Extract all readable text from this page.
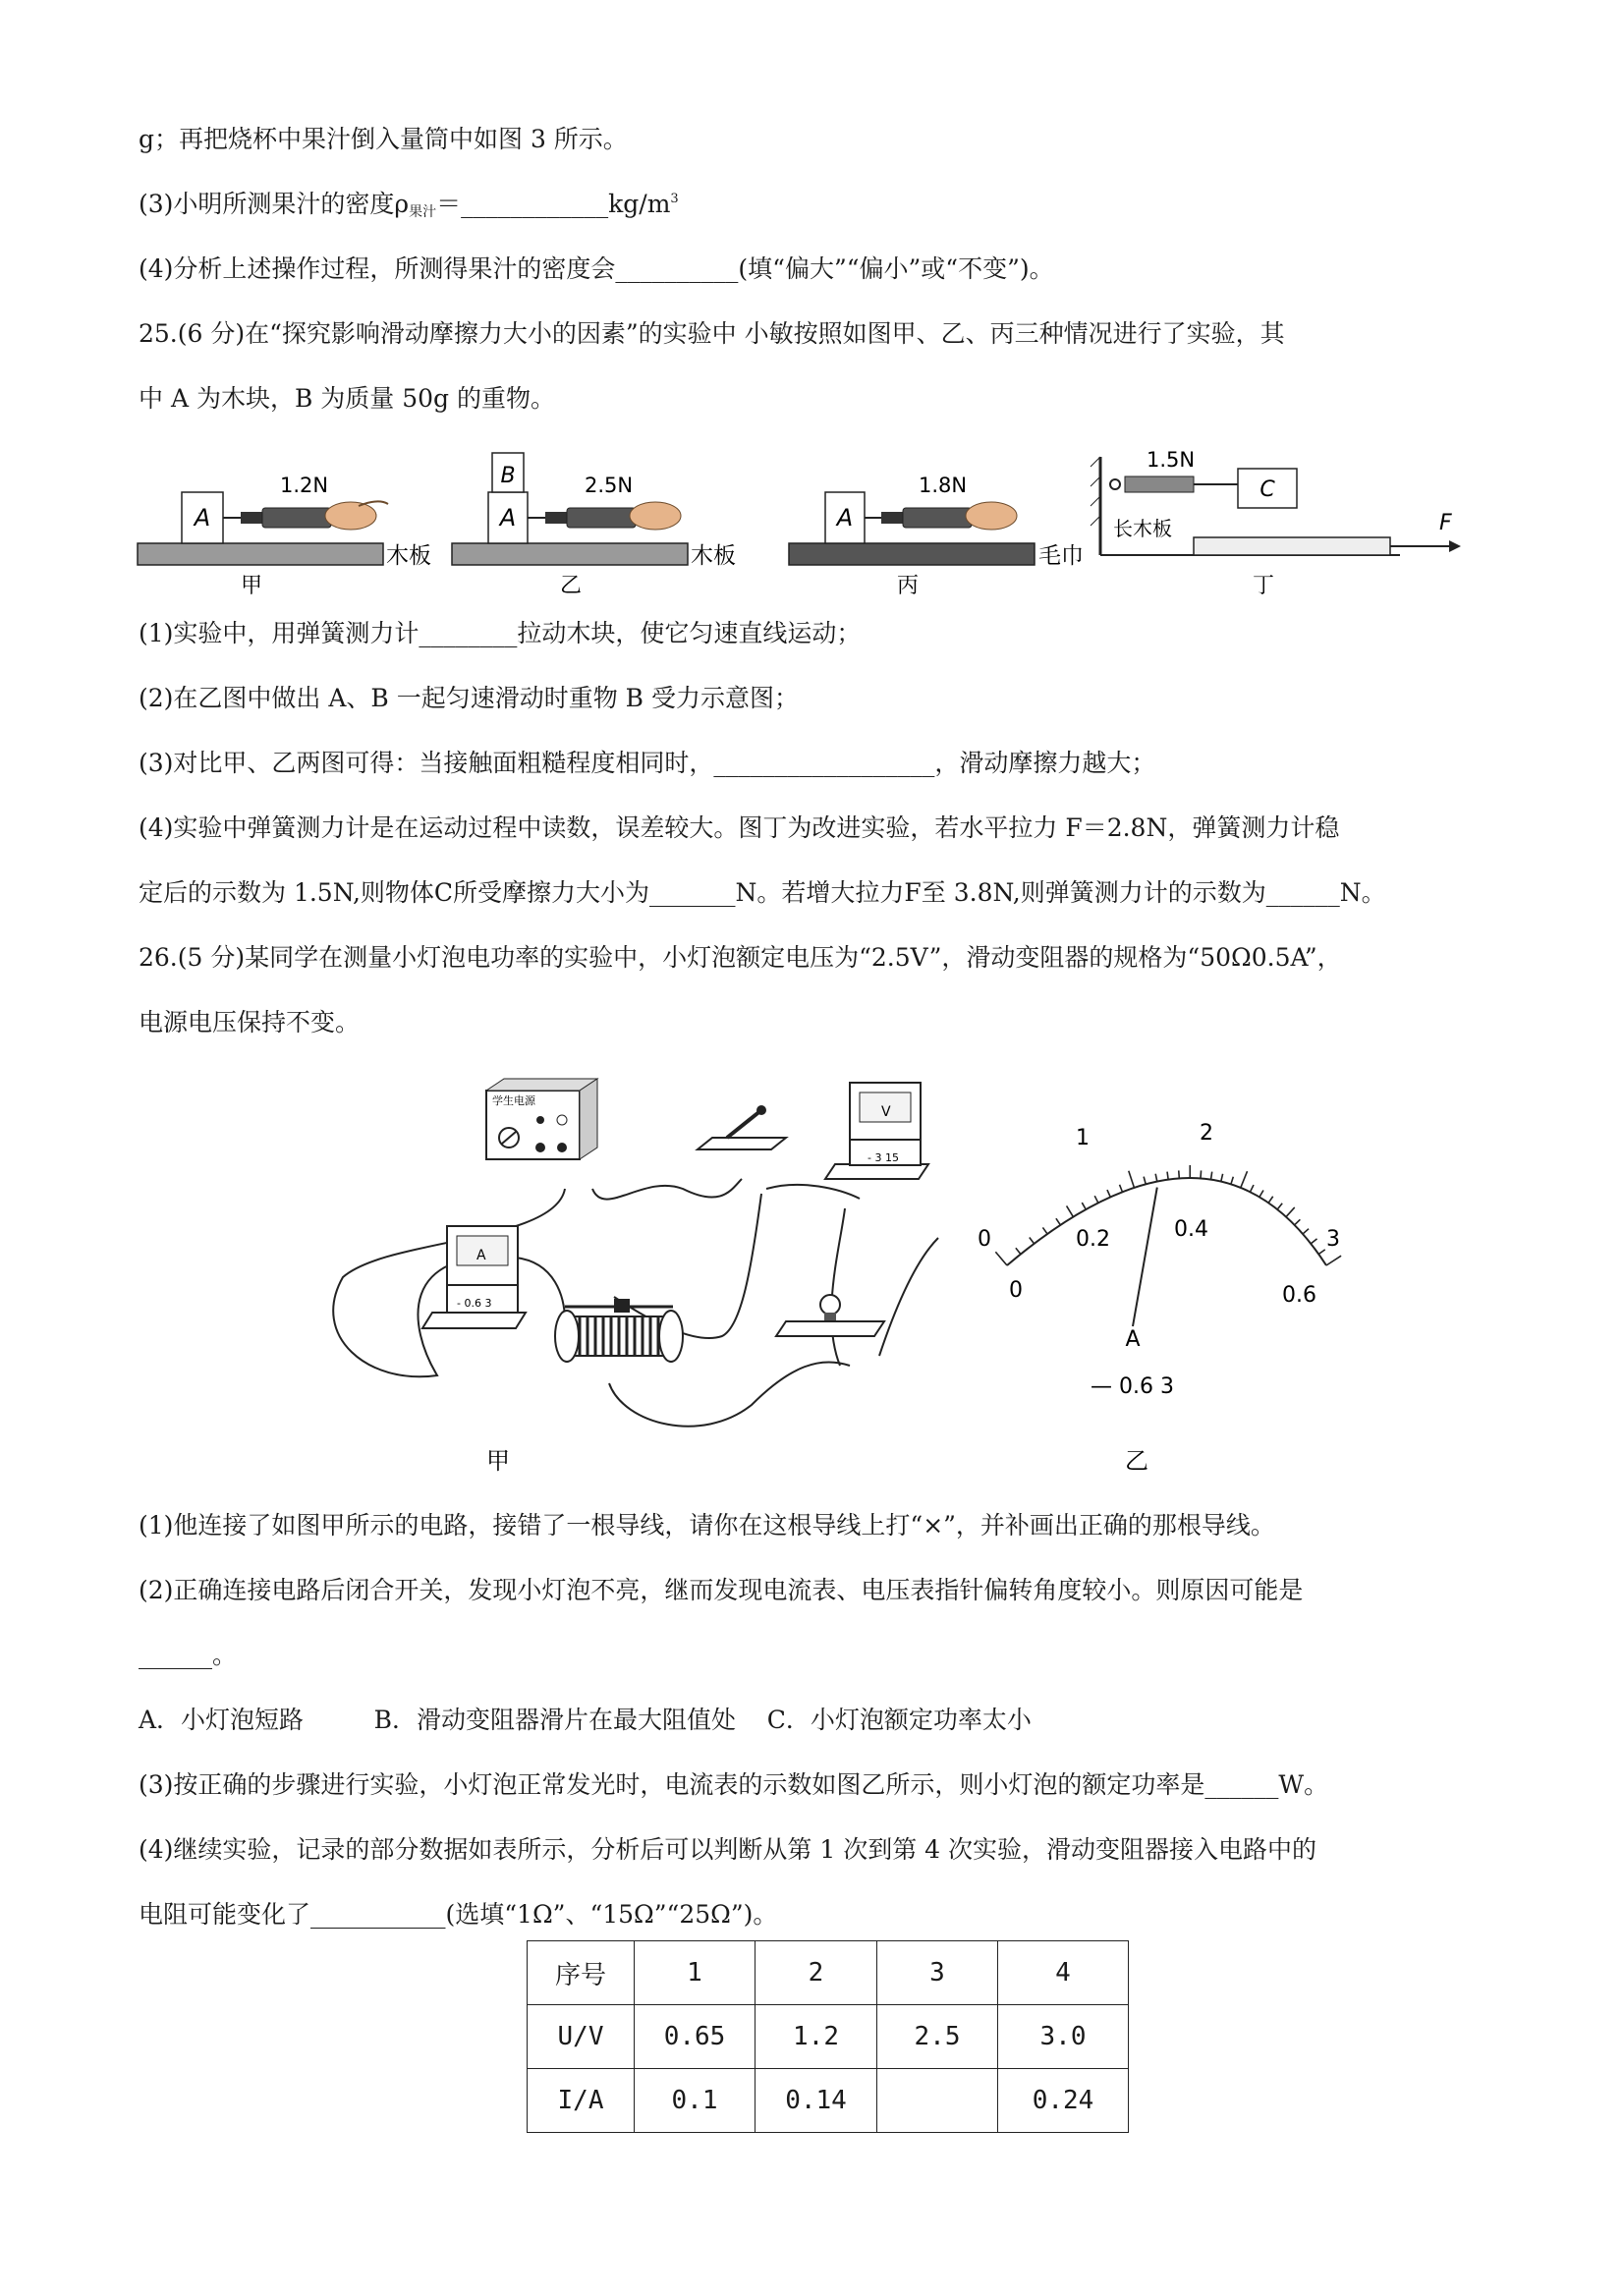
g；再把烧杯中果汁倒入量筒中如图 3 所示。
(3)小明所测果汁的密度ρ果汁$=\_\_\_\_\_\_\_\_\_\_\_\_kg/m^3$
(4)分析上述操作过程，所测得果汁的密度会__________(填“偏大”“偏小”或“不变”)。
25.(6 分)在“探究影响滑动摩擦力大小的因素”的实验中 小敏按照如图甲、乙、丙三种情况进行了实验，其
中 A 为木块，B 为质量 50g 的重物。
A
1.2N
木板
甲
B
A
2.5N
木板
乙
A
1.8N
毛巾
丙
C
F
1.5N
长木板
丁
(1)实验中，用弹簧测力计________拉动木块，使它匀速直线运动；
(2)在乙图中做出 A、B 一起匀速滑动时重物 B 受力示意图；
(3)对比甲、乙两图可得：当接触面粗糙程度相同时，__________________，滑动摩擦力越大；
(4)实验中弹簧测力计是在运动过程中读数，误差较大。图丁为改进实验，若水平拉力 F＝2.8N，弹簧测力计稳
定后的示数为 1.5N,则物体C所受摩擦力大小为_______N。若增大拉力F至 3.8N,则弹簧测力计的示数为______N。
26.(5 分)某同学在测量小灯泡电功率的实验中，小灯泡额定电压为“2.5V”，滑动变阻器的规格为“50Ω0.5A”，
电源电压保持不变。
学生电源
V
- 3 15
A
- 0.6 3
甲
0
1	2
3
0
0.2	0.4
0.6
A
— 0.6 3
乙
(1)他连接了如图甲所示的电路，接错了一根导线，请你在这根导线上打“×”，并补画出正确的那根导线。
(2)正确连接电路后闭合开关，发现小灯泡不亮，继而发现电流表、电压表指针偏转角度较小。则原因可能是
______。
A．小灯泡短路         B．滑动变阻器滑片在最大阻值处    C．小灯泡额定功率太小
(3)按正确的步骤进行实验，小灯泡正常发光时，电流表的示数如图乙所示，则小灯泡的额定功率是______W。
(4)继续实验，记录的部分数据如表所示，分析后可以判断从第 1 次到第 4 次实验，滑动变阻器接入电路中的
电阻可能变化了___________(选填“1Ω”、“15Ω”“25Ω”)。
序号	1	2	3	4
U/V	0.65	1.2	2.5	3.0
I/A	0.1	0.14		0.24
